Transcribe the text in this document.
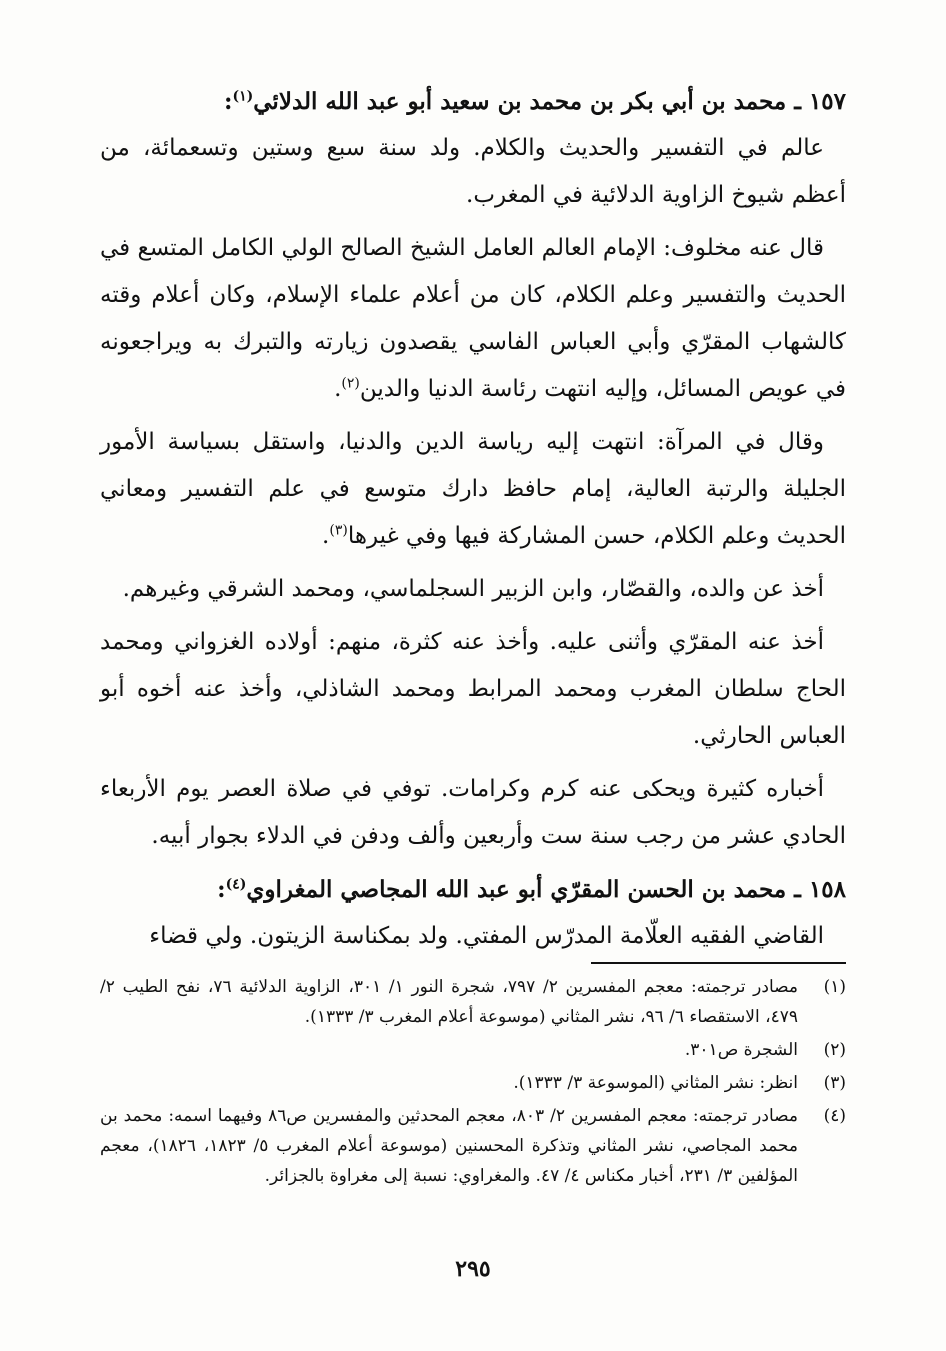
١٥٧ ـ محمد بن أبي بكر بن محمد بن سعيد أبو عبد الله الدلائي$^{(١)}$:

عالم في التفسير والحديث والكلام. ولد سنة سبع وستين وتسعمائة، من أعظم شيوخ الزاوية الدلائية في المغرب.

قال عنه مخلوف: الإمام العالم العامل الشيخ الصالح الولي الكامل المتسع في الحديث والتفسير وعلم الكلام، كان من أعلام علماء الإسلام، وكان أعلام وقته كالشهاب المقرّي وأبي العباس الفاسي يقصدون زيارته والتبرك به ويراجعونه في عويص المسائل، وإليه انتهت رئاسة الدنيا والدين$^{(٢)}$.

وقال في المرآة: انتهت إليه رياسة الدين والدنيا، واستقل بسياسة الأمور الجليلة والرتبة العالية، إمام حافظ دارك متوسع في علم التفسير ومعاني الحديث وعلم الكلام، حسن المشاركة فيها وفي غيرها$^{(٣)}$.

أخذ عن والده، والقصّار، وابن الزبير السجلماسي، ومحمد الشرقي وغيرهم.

أخذ عنه المقرّي وأثنى عليه. وأخذ عنه كثرة، منهم: أولاده الغزواني ومحمد الحاج سلطان المغرب ومحمد المرابط ومحمد الشاذلي، وأخذ عنه أخوه أبو العباس الحارثي.

أخباره كثيرة ويحكى عنه كرم وكرامات. توفي في صلاة العصر يوم الأربعاء الحادي عشر من رجب سنة ست وأربعين وألف ودفن في الدلاء بجوار أبيه.

١٥٨ ـ محمد بن الحسن المقرّي أبو عبد الله المجاصي المغراوي$^{(٤)}$:

القاضي الفقيه العلّامة المدرّس المفتي. ولد بمكناسة الزيتون. ولي قضاء

(١)
مصادر ترجمته: معجم المفسرين ٢/ ٧٩٧، شجرة النور ١/ ٣٠١، الزاوية الدلائية ٧٦، نفح الطيب ٢/ ٤٧٩، الاستقصاء ٦/ ٩٦، نشر المثاني (موسوعة أعلام المغرب ٣/ ١٣٣٣).
(٢)
الشجرة ص٣٠١.
(٣)
انظر: نشر المثاني (الموسوعة ٣/ ١٣٣٣).
(٤)
مصادر ترجمته: معجم المفسرين ٢/ ٨٠٣، معجم المحدثين والمفسرين ص٨٦ وفيهما اسمه: محمد بن محمد المجاصي، نشر المثاني وتذكرة المحسنين (موسوعة أعلام المغرب ٥/ ١٨٢٣، ١٨٢٦)، معجم المؤلفين ٣/ ٢٣١، أخبار مكناس ٤/ ٤٧. والمغراوي: نسبة إلى مغراوة بالجزائر.
٢٩٥
